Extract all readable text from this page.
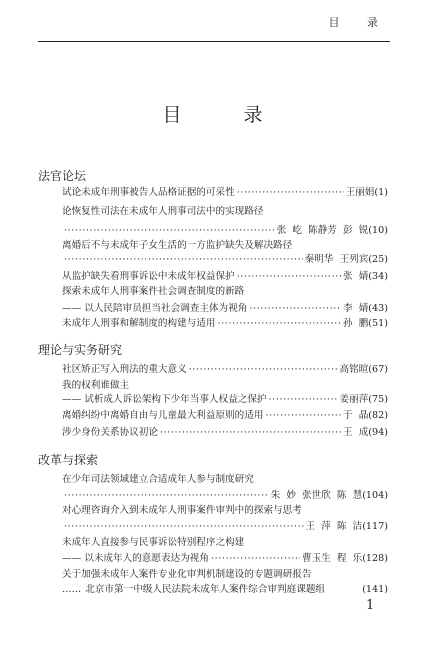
目 录
目 录
法官论坛
试论未成年刑事被告人品格证据的可采性 ·····	王丽娟 (1)
论恢复性司法在未成年人刑事司法中的实现路径
·····
张  屹  陈静芳  彭  锐 (10)
离婚后不与未成年子女生活的一方监护缺失及解决路径
·····
秦明华  王列宾 (25)
从监护缺失看刑事诉讼中未成年权益保护 ·····	张  婧 (34)
探索未成年人刑事案件社会调查制度的新路
—— 以人民陪审员担当社会调查主体为视角 ·····	李  婧 (43)
未成年人刑事和解制度的构建与适用 ·····	孙  鹏 (51)
理论与实务研究
社区矫正写入刑法的重大意义 ·····	高铭暄 (67)
我的权利谁做主
—— 试析成人诉讼架构下少年当事人权益之保护 ·····	姜丽萍 (75)
离婚纠纷中离婚自由与儿童最大利益原则的适用 ·····	于  晶 (82)
涉少身份关系协议初论 ·····	王  成 (94)
改革与探索
在少年司法领域建立合适成年人参与制度研究
·····
朱  妙  张世欣  陈  慧 (104)
对心理咨询介入到未成年人刑事案件审判中的探索与思考
·····
王  萍  陈  洁 (117)
未成年人直接参与民事诉讼特别程序之构建
—— 以未成年人的意愿表达为视角 ·····	曹玉生  程  乐 (128)
关于加强未成年人案件专业化审判机制建设的专题调研报告
…… 北京市第一中级人民法院未成年人案件综合审判庭课题组	(141)
1
